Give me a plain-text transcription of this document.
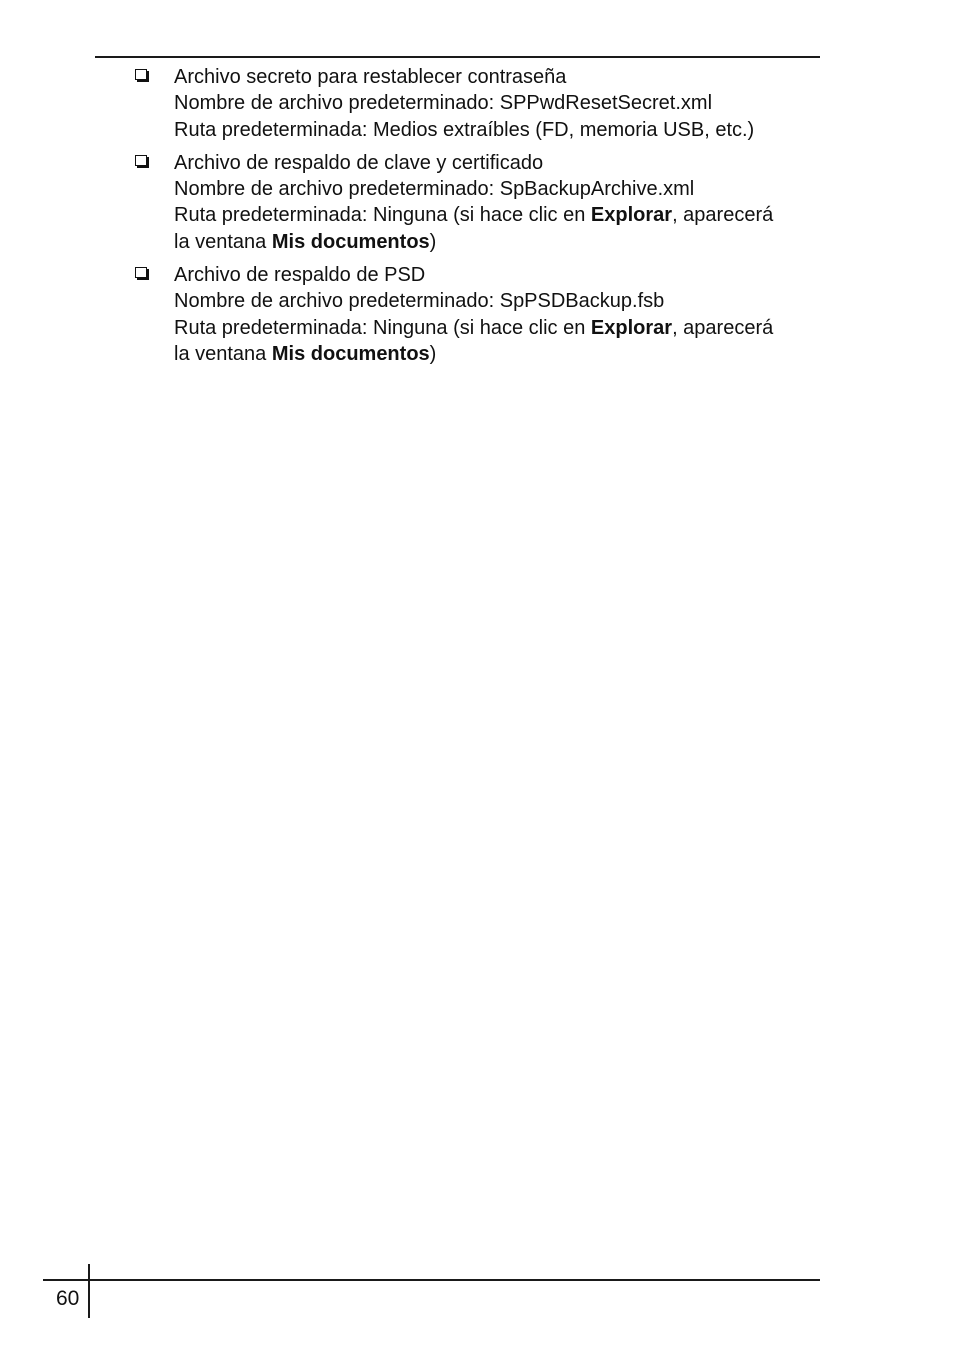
Archivo secreto para restablecer contraseña
Nombre de archivo predeterminado: SPPwdResetSecret.xml
Ruta predeterminada: Medios extraíbles (FD, memoria USB, etc.)
Archivo de respaldo de clave y certificado
Nombre de archivo predeterminado: SpBackupArchive.xml
Ruta predeterminada: Ninguna (si hace clic en Explorar, aparecerá
la ventana Mis documentos)
Archivo de respaldo de PSD
Nombre de archivo predeterminado: SpPSDBackup.fsb
Ruta predeterminada: Ninguna (si hace clic en Explorar, aparecerá
la ventana Mis documentos)
60
